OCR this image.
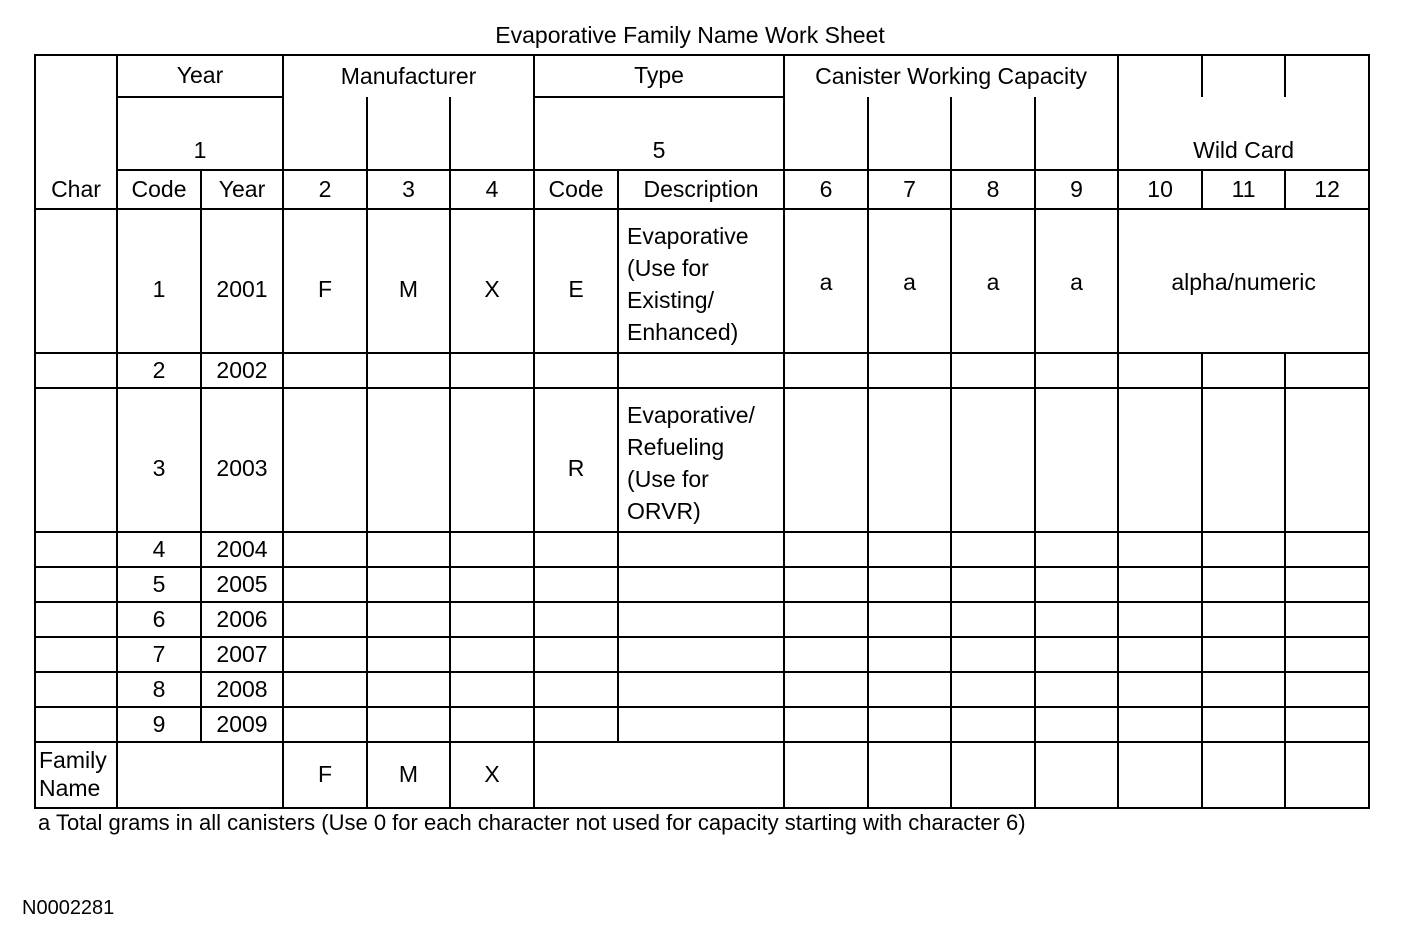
Evaporative Family Name Work Sheet
Char	Year		Manufacturer			Type		Canister Working Capacity						
	1					5						Wild Card		
	Code	Year	2	3	4	Code	Description	6	7	8	9	10	11	12
	1	2001	F	M	X	E	Evaporative
(Use for
Existing/
Enhanced)	a	a	a	a	alpha/numeric		
	2	2002												
	3	2003				R	Evaporative/
Refueling
(Use for
ORVR)							
	4	2004												
	5	2005												
	6	2006												
	7	2007												
	8	2008												
	9	2009												
Family
Name			F	M	X									
a Total grams in all canisters (Use 0 for each character not used for capacity starting with character 6)
N0002281
